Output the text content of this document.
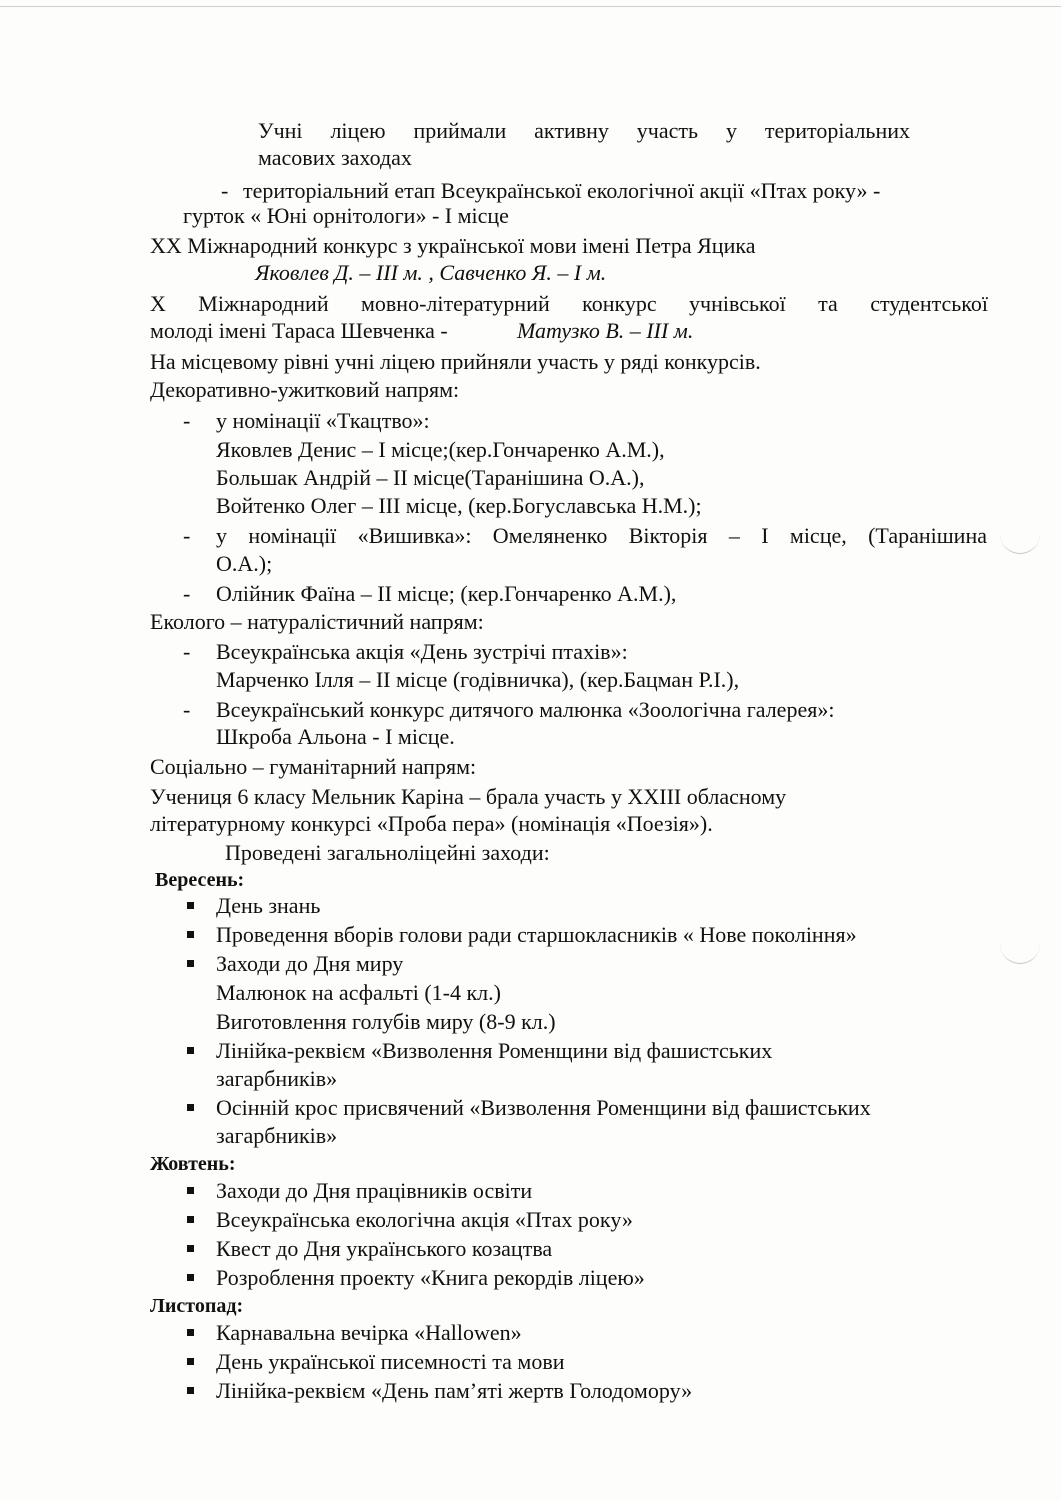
Учні ліцею приймали активну участь у територіальних
масових заходах
- територіальний етап Всеукраїнської екологічної акції «Птах року» -
гурток « Юні орнітологи» - І місце
ХХ Міжнародний конкурс з української мови імені Петра Яцика
Яковлев Д. – ІІІ м. , Савченко Я. – І м.
Х Міжнародний мовно-літературний конкурс учнівської та студентської
молоді імені Тараса Шевченка -	Матузко В. – ІІІ м.
На місцевому рівні учні ліцею прийняли участь у ряді конкурсів.
Декоративно-ужитковий напрям:
- у номінації «Ткацтво»:
Яковлев Денис – І місце;(кер.Гончаренко А.М.),
Большак Андрій – ІІ місце(Таранішина О.А.),
Войтенко Олег – ІІІ місце, (кер.Богуславська Н.М.);
- у номінації «Вишивка»: Омеляненко Вікторія – І місце, (Таранішина
О.А.);
- Олійник Фаїна – ІІ місце; (кер.Гончаренко А.М.),
Еколого – натуралістичний напрям:
- Всеукраїнська акція «День зустрічі птахів»:
Марченко Ілля – ІІ місце (годівничка), (кер.Бацман Р.І.),
- Всеукраїнський конкурс дитячого малюнка «Зоологічна галерея»:
Шкроба Альона - І місце.
Соціально – гуманітарний напрям:
Учениця 6 класу Мельник Каріна – брала участь у ХХІІІ обласному
літературному конкурсі «Проба пера» (номінація «Поезія»).
Проведені загальноліцейні заходи:
Вересень:
День знань
Проведення вборів голови ради старшокласників « Нове покоління»
Заходи до Дня миру
Малюнок на асфальті (1-4 кл.)
Виготовлення голубів миру (8-9 кл.)
Лінійка-реквієм «Визволення Роменщини від фашистських
загарбників»
Осінній крос присвячений «Визволення Роменщини від фашистських
загарбників»
Жовтень:
Заходи до Дня працівників освіти
Всеукраїнська екологічна акція «Птах року»
Квест до Дня українського козацтва
Розроблення проекту «Книга рекордів ліцею»
Листопад:
Карнавальна вечірка «Hallowen»
День української писемності та мови
Лінійка-реквієм «День пам’яті жертв Голодомору»
